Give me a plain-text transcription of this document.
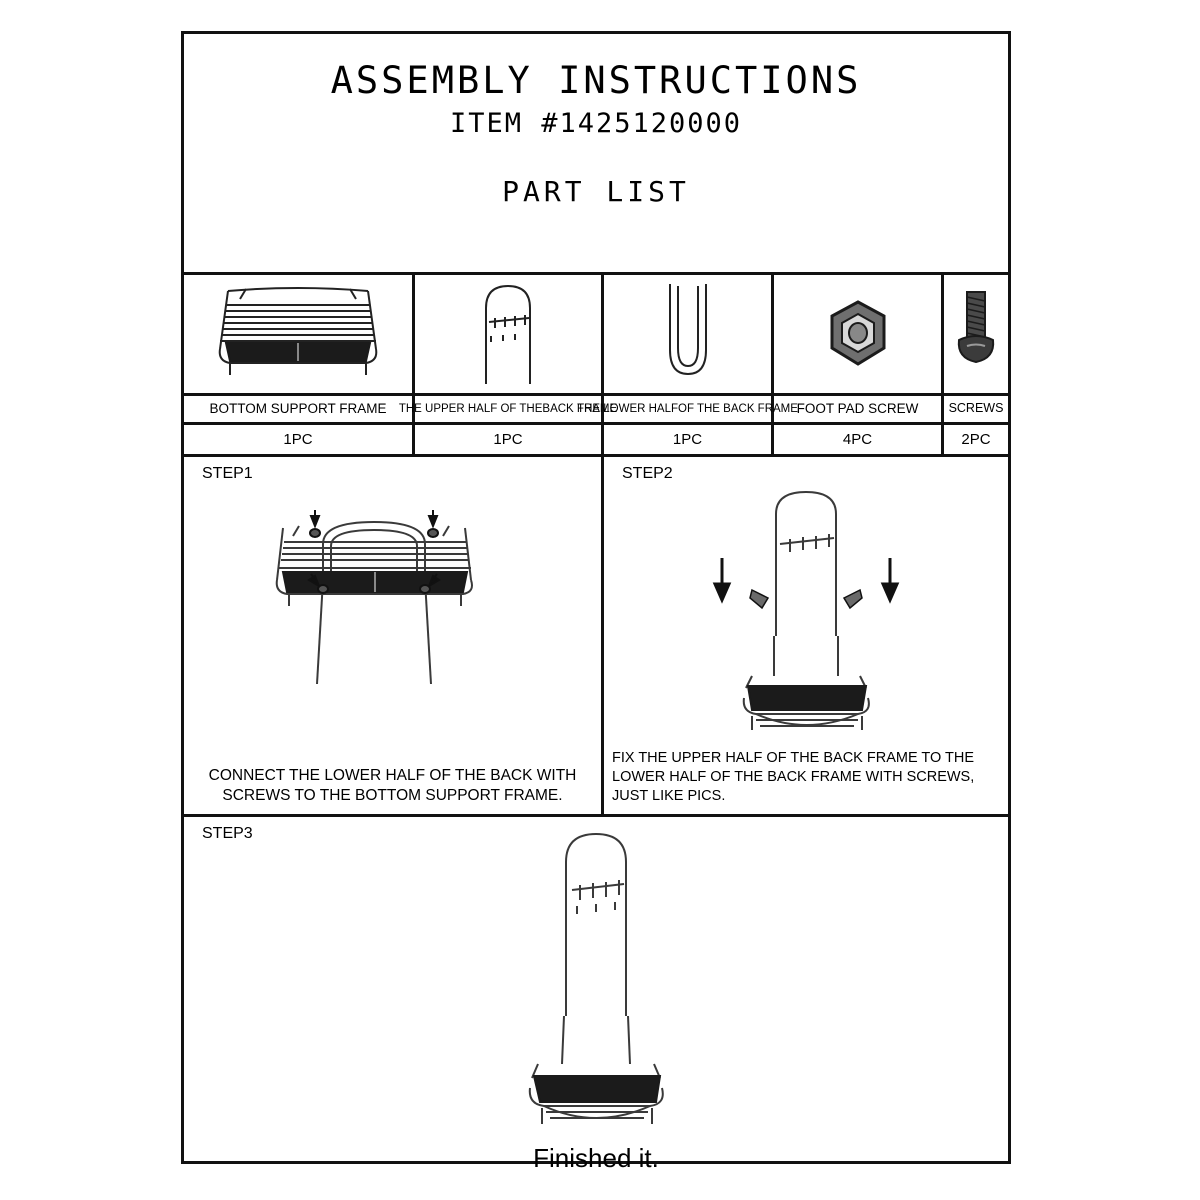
ASSEMBLY INSTRUCTIONS
ITEM #1425120000
PART LIST
BOTTOM SUPPORT FRAME
1PC
THE UPPER HALF OF THEBACK FRAME
1PC
THE LOWER HALFOF THE BACK FRAME
1PC
FOOT PAD SCREW
4PC
SCREWS
2PC
STEP1
CONNECT THE LOWER HALF OF THE BACK WITH SCREWS TO THE BOTTOM SUPPORT FRAME.
STEP2
FIX THE UPPER HALF OF THE BACK FRAME TO THE LOWER HALF OF THE BACK FRAME WITH SCREWS, JUST LIKE PICS.
STEP3
Finished it.
